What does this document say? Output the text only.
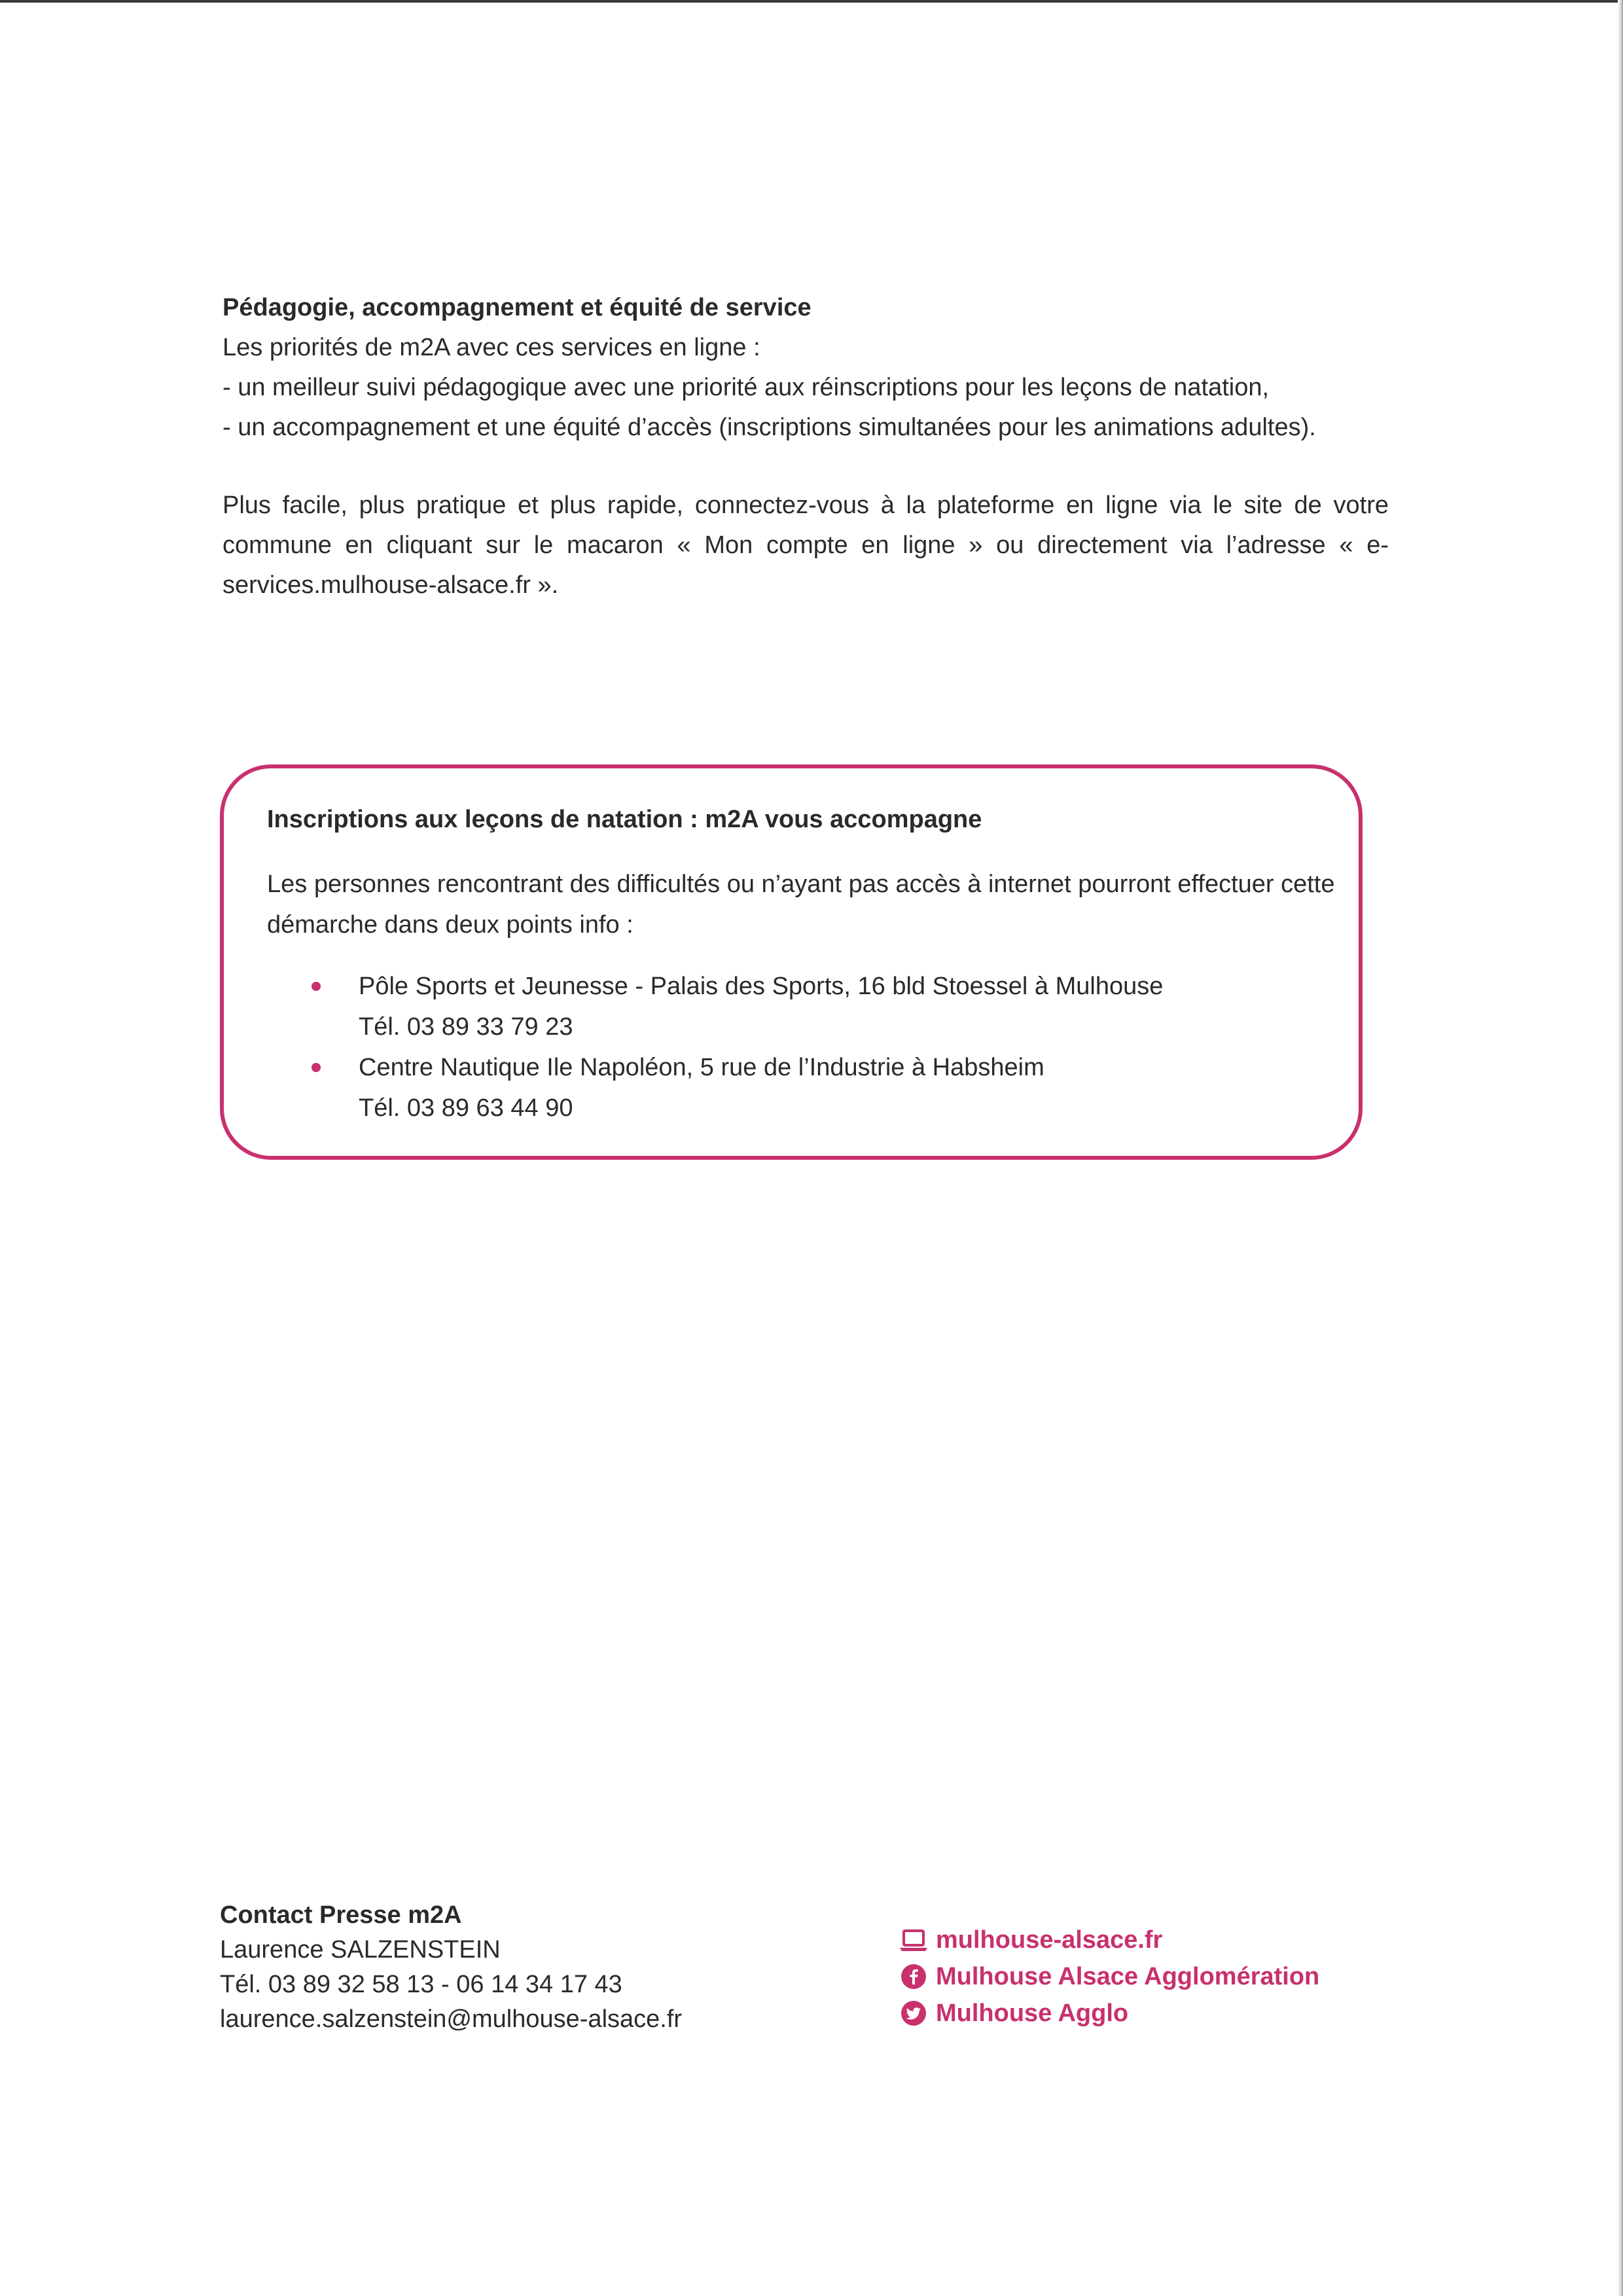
Pédagogie, accompagnement et équité de service

Les priorités de m2A avec ces services en ligne :

- un meilleur suivi pédagogique avec une priorité aux réinscriptions pour les leçons de natation,

- un accompagnement et une équité d’accès (inscriptions simultanées pour les animations adultes).

Plus facile, plus pratique et plus rapide, connectez-vous à la plateforme en ligne via le site de votre commune en cliquant sur le macaron « Mon compte en ligne » ou directement via l’adresse « e-services.mulhouse-alsace.fr ».

Inscriptions aux leçons de natation : m2A vous accompagne
Les personnes rencontrant des difficultés ou n’ayant pas accès à internet pourront effectuer cette démarche dans deux points info :
Pôle Sports et Jeunesse - Palais des Sports, 16 bld Stoessel à Mulhouse
Tél. 03 89 33 79 23
Centre Nautique Ile Napoléon, 5 rue de l’Industrie à Habsheim
Tél. 03 89 63 44 90
Contact Presse m2A
Laurence SALZENSTEIN
Tél. 03 89 32 58 13 - 06 14 34 17 43
laurence.salzenstein@mulhouse-alsace.fr
mulhouse-alsace.fr
Mulhouse Alsace Agglomération
Mulhouse Agglo
